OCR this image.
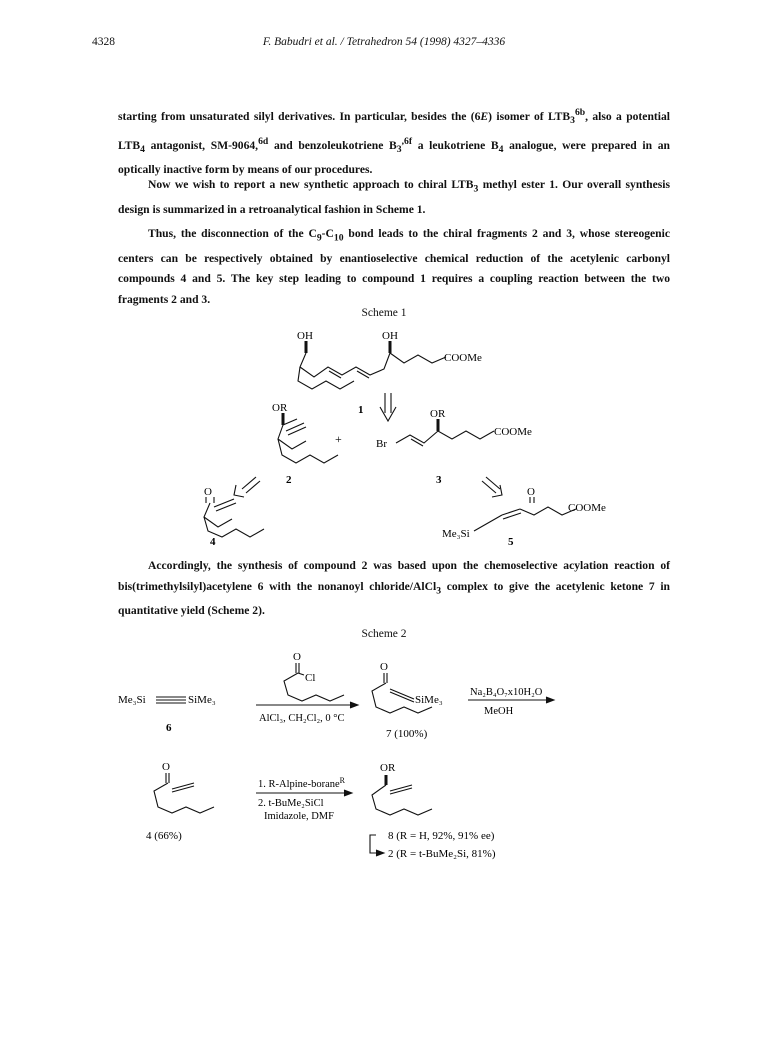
4328	F. Babudri et al. / Tetrahedron 54 (1998) 4327–4336

starting from unsaturated silyl derivatives. In particular, besides the (6E) isomer of $LTB_3^{6b}$, also a potential $LTB_4$ antagonist, SM-9064,$^{6d}$ and benzoleukotriene $B_3^{,6f}$ a leukotriene $B_4$ analogue, were prepared in an optically inactive form by means of our procedures.

Now we wish to report a new synthetic approach to chiral $LTB_3$ methyl ester 1. Our overall synthesis design is summarized in a retroanalytical fashion in Scheme 1.

Thus, the disconnection of the $C_9-C_{10}$ bond leads to the chiral fragments 2 and 3, whose stereogenic centers can be respectively obtained by enantioselective chemical reduction of the acetylenic carbonyl compounds 4 and 5. The key step leading to compound 1 requires a coupling reaction between the two fragments 2 and 3.

Scheme 1
OH	OH
COOMe
1
OR
+
2
Br
OR
COOMe
3
O
4
O
COOMe
Me₃Si
5

Accordingly, the synthesis of compound 2 was based upon the chemoselective acylation reaction of bis(trimethylsilyl)acetylene 6 with the nonanoyl chloride/AlCl$_3$ complex to give the acetylenic ketone 7 in quantitative yield (Scheme 2).

Scheme 2
Me₃Si	SiMe₃
6
O
Cl
AlCl₃, CH₂Cl₂, 0 °C
O
SiMe₃
7 (100%)
Na₂B₄O₇x10H₂O
MeOH
O
4 (66%)
1. R-Alpine-borane$^R$
2. t-BuMe₂SiCl
Imidazole, DMF
OR
8 (R = H, 92%, 91% ee)
2 (R = t-BuMe₂Si, 81%)
